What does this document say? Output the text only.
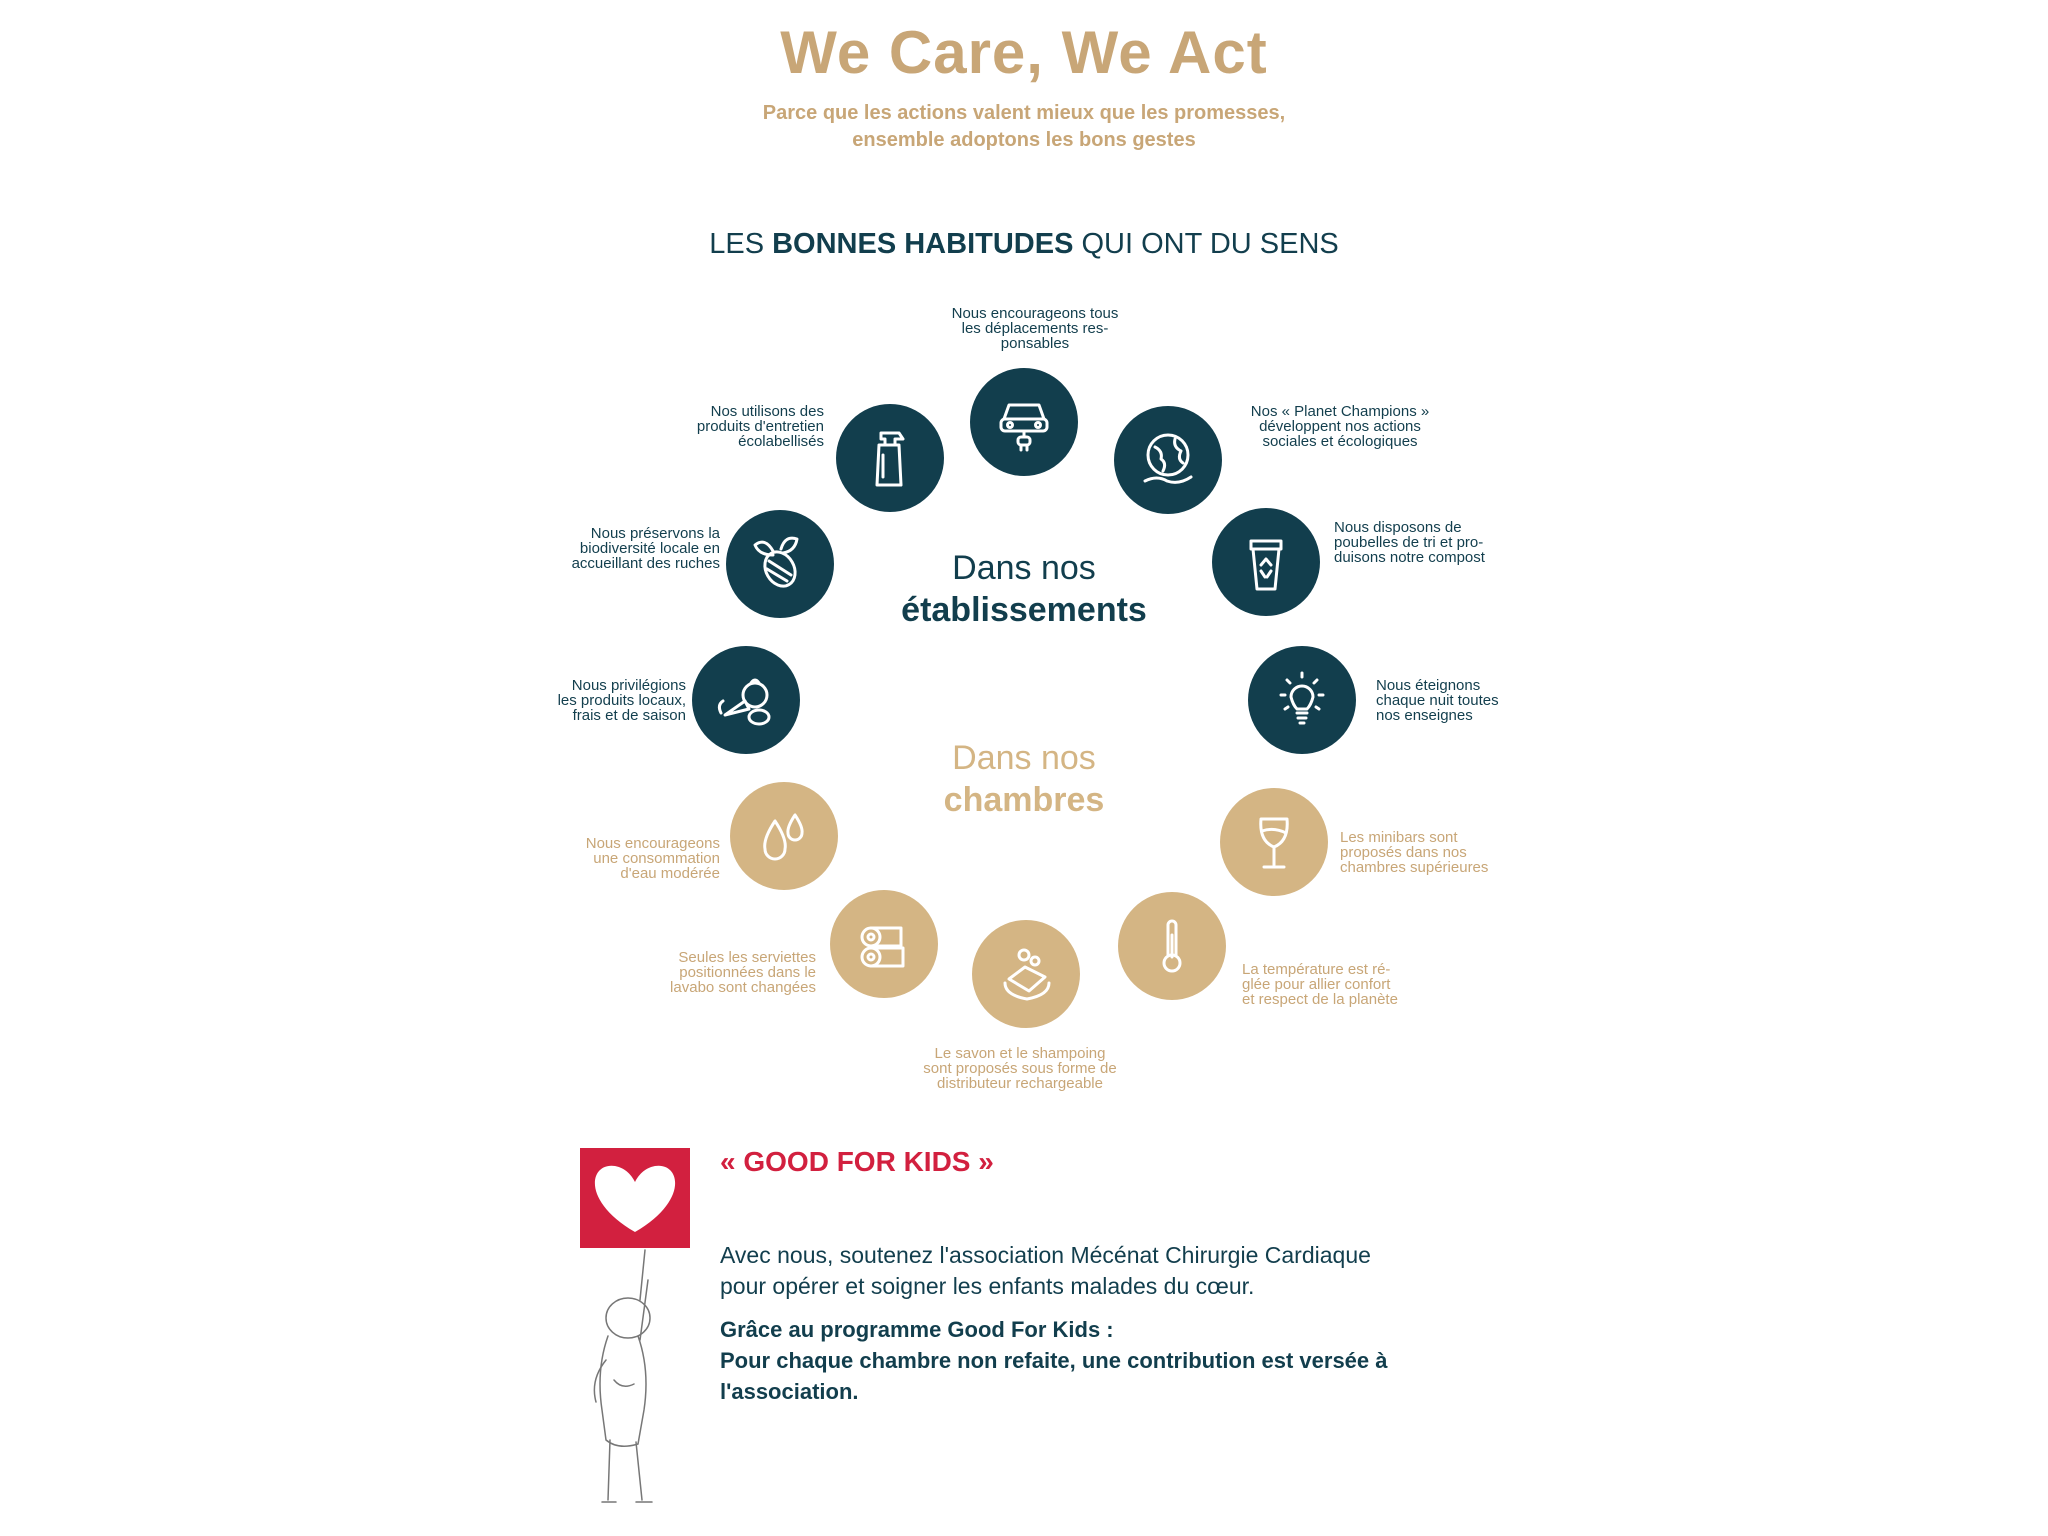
We Care, We Act
Parce que les actions valent mieux que les promesses,
ensemble adoptons les bons gestes
LES BONNES HABITUDES QUI ONT DU SENS
Dans nos
établissements
Dans nos
chambres
Nous encourageons tous
les déplacements res-
ponsables
Nos utilisons des
produits d'entretien
écolabellisés
Nos « Planet Champions »
développent nos actions
sociales et écologiques
Nous préservons la
biodiversité locale en
accueillant des ruches
Nous disposons de
poubelles de tri et pro-
duisons notre compost
Nous privilégions
les produits locaux,
frais et de saison
Nous éteignons
chaque nuit toutes
nos enseignes
Nous encourageons
une consommation
d'eau modérée
Les minibars sont
proposés dans nos
chambres supérieures
Seules les serviettes
positionnées dans le
lavabo sont changées
La température est ré-
glée pour allier confort
et respect de la planète
Le savon et le shampoing
sont proposés sous forme de
distributeur rechargeable
« GOOD FOR KIDS »
Avec nous, soutenez l'association Mécénat Chirurgie Cardiaque
pour opérer et soigner les enfants malades du cœur.
Grâce au programme Good For Kids :
Pour chaque chambre non refaite, une contribution est versée à
l'association.
